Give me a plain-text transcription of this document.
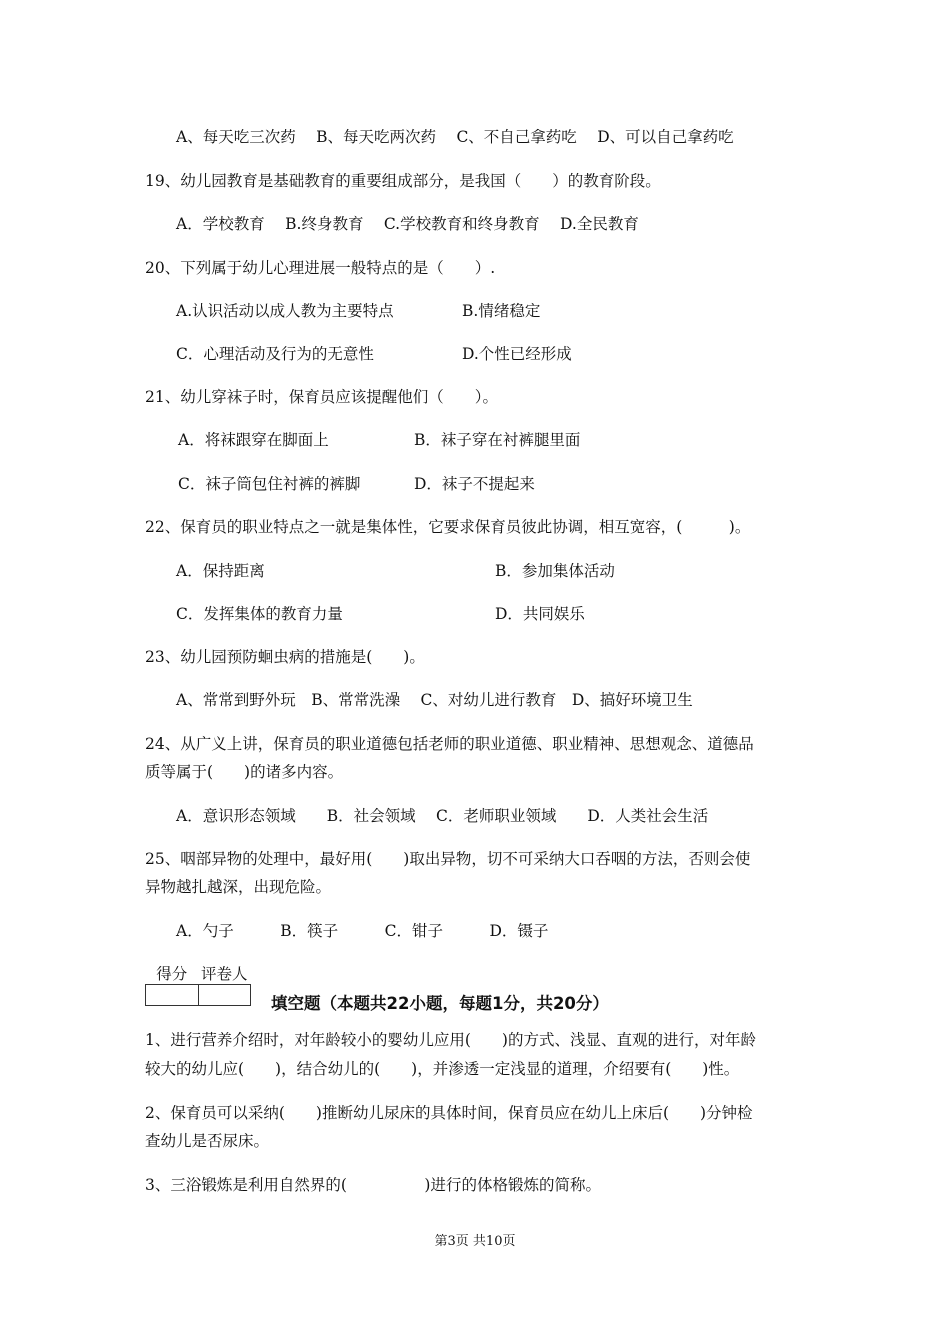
A、每天吃三次药　 B、每天吃两次药　 C、不自己拿药吃　 D、可以自己拿药吃
19、幼儿园教育是基础教育的重要组成部分，是我国（　　）的教育阶段。
A．学校教育　 B.终身教育　 C.学校教育和终身教育　 D.全民教育
20、下列属于幼儿心理进展一般特点的是（　　）.
A.认识活动以成人教为主要特点	B.情绪稳定
C．心理活动及行为的无意性	D.个性已经形成
21、幼儿穿袜子时，保育员应该提醒他们（　　）。
A．将袜跟穿在脚面上	B．袜子穿在衬裤腿里面
C．袜子筒包住衬裤的裤脚	D．袜子不提起来
22、保育员的职业特点之一就是集体性，它要求保育员彼此协调，相互宽容，(　　　)。
A．保持距离	B．参加集体活动
C．发挥集体的教育力量	D．共同娱乐
23、幼儿园预防蛔虫病的措施是(　　)。
A、常常到野外玩　B、常常洗澡　 C、对幼儿进行教育　D、搞好环境卫生
24、从广义上讲，保育员的职业道德包括老师的职业道德、职业精神、思想观念、道德品
质等属于(　　)的诸多内容。
A．意识形态领域　　B．社会领域　 C．老师职业领域　　D．人类社会生活
25、咽部异物的处理中，最好用(　　)取出异物，切不可采纳大口吞咽的方法，否则会使
异物越扎越深，出现危险。
A．勺子　　　B．筷子　　　C．钳子　　　D．镊子
得分	评卷人

填空题（本题共22小题，每题1分，共20分）
1、进行营养介绍时，对年龄较小的婴幼儿应用(　　)的方式、浅显、直观的进行，对年龄
较大的幼儿应(　　)，结合幼儿的(　　)，并渗透一定浅显的道理，介绍要有(　　)性。
2、保育员可以采纳(　　)推断幼儿尿床的具体时间，保育员应在幼儿上床后(　　)分钟检
查幼儿是否尿床。
3、三浴锻炼是利用自然界的(　　　　　)进行的体格锻炼的简称。
第3页 共10页
